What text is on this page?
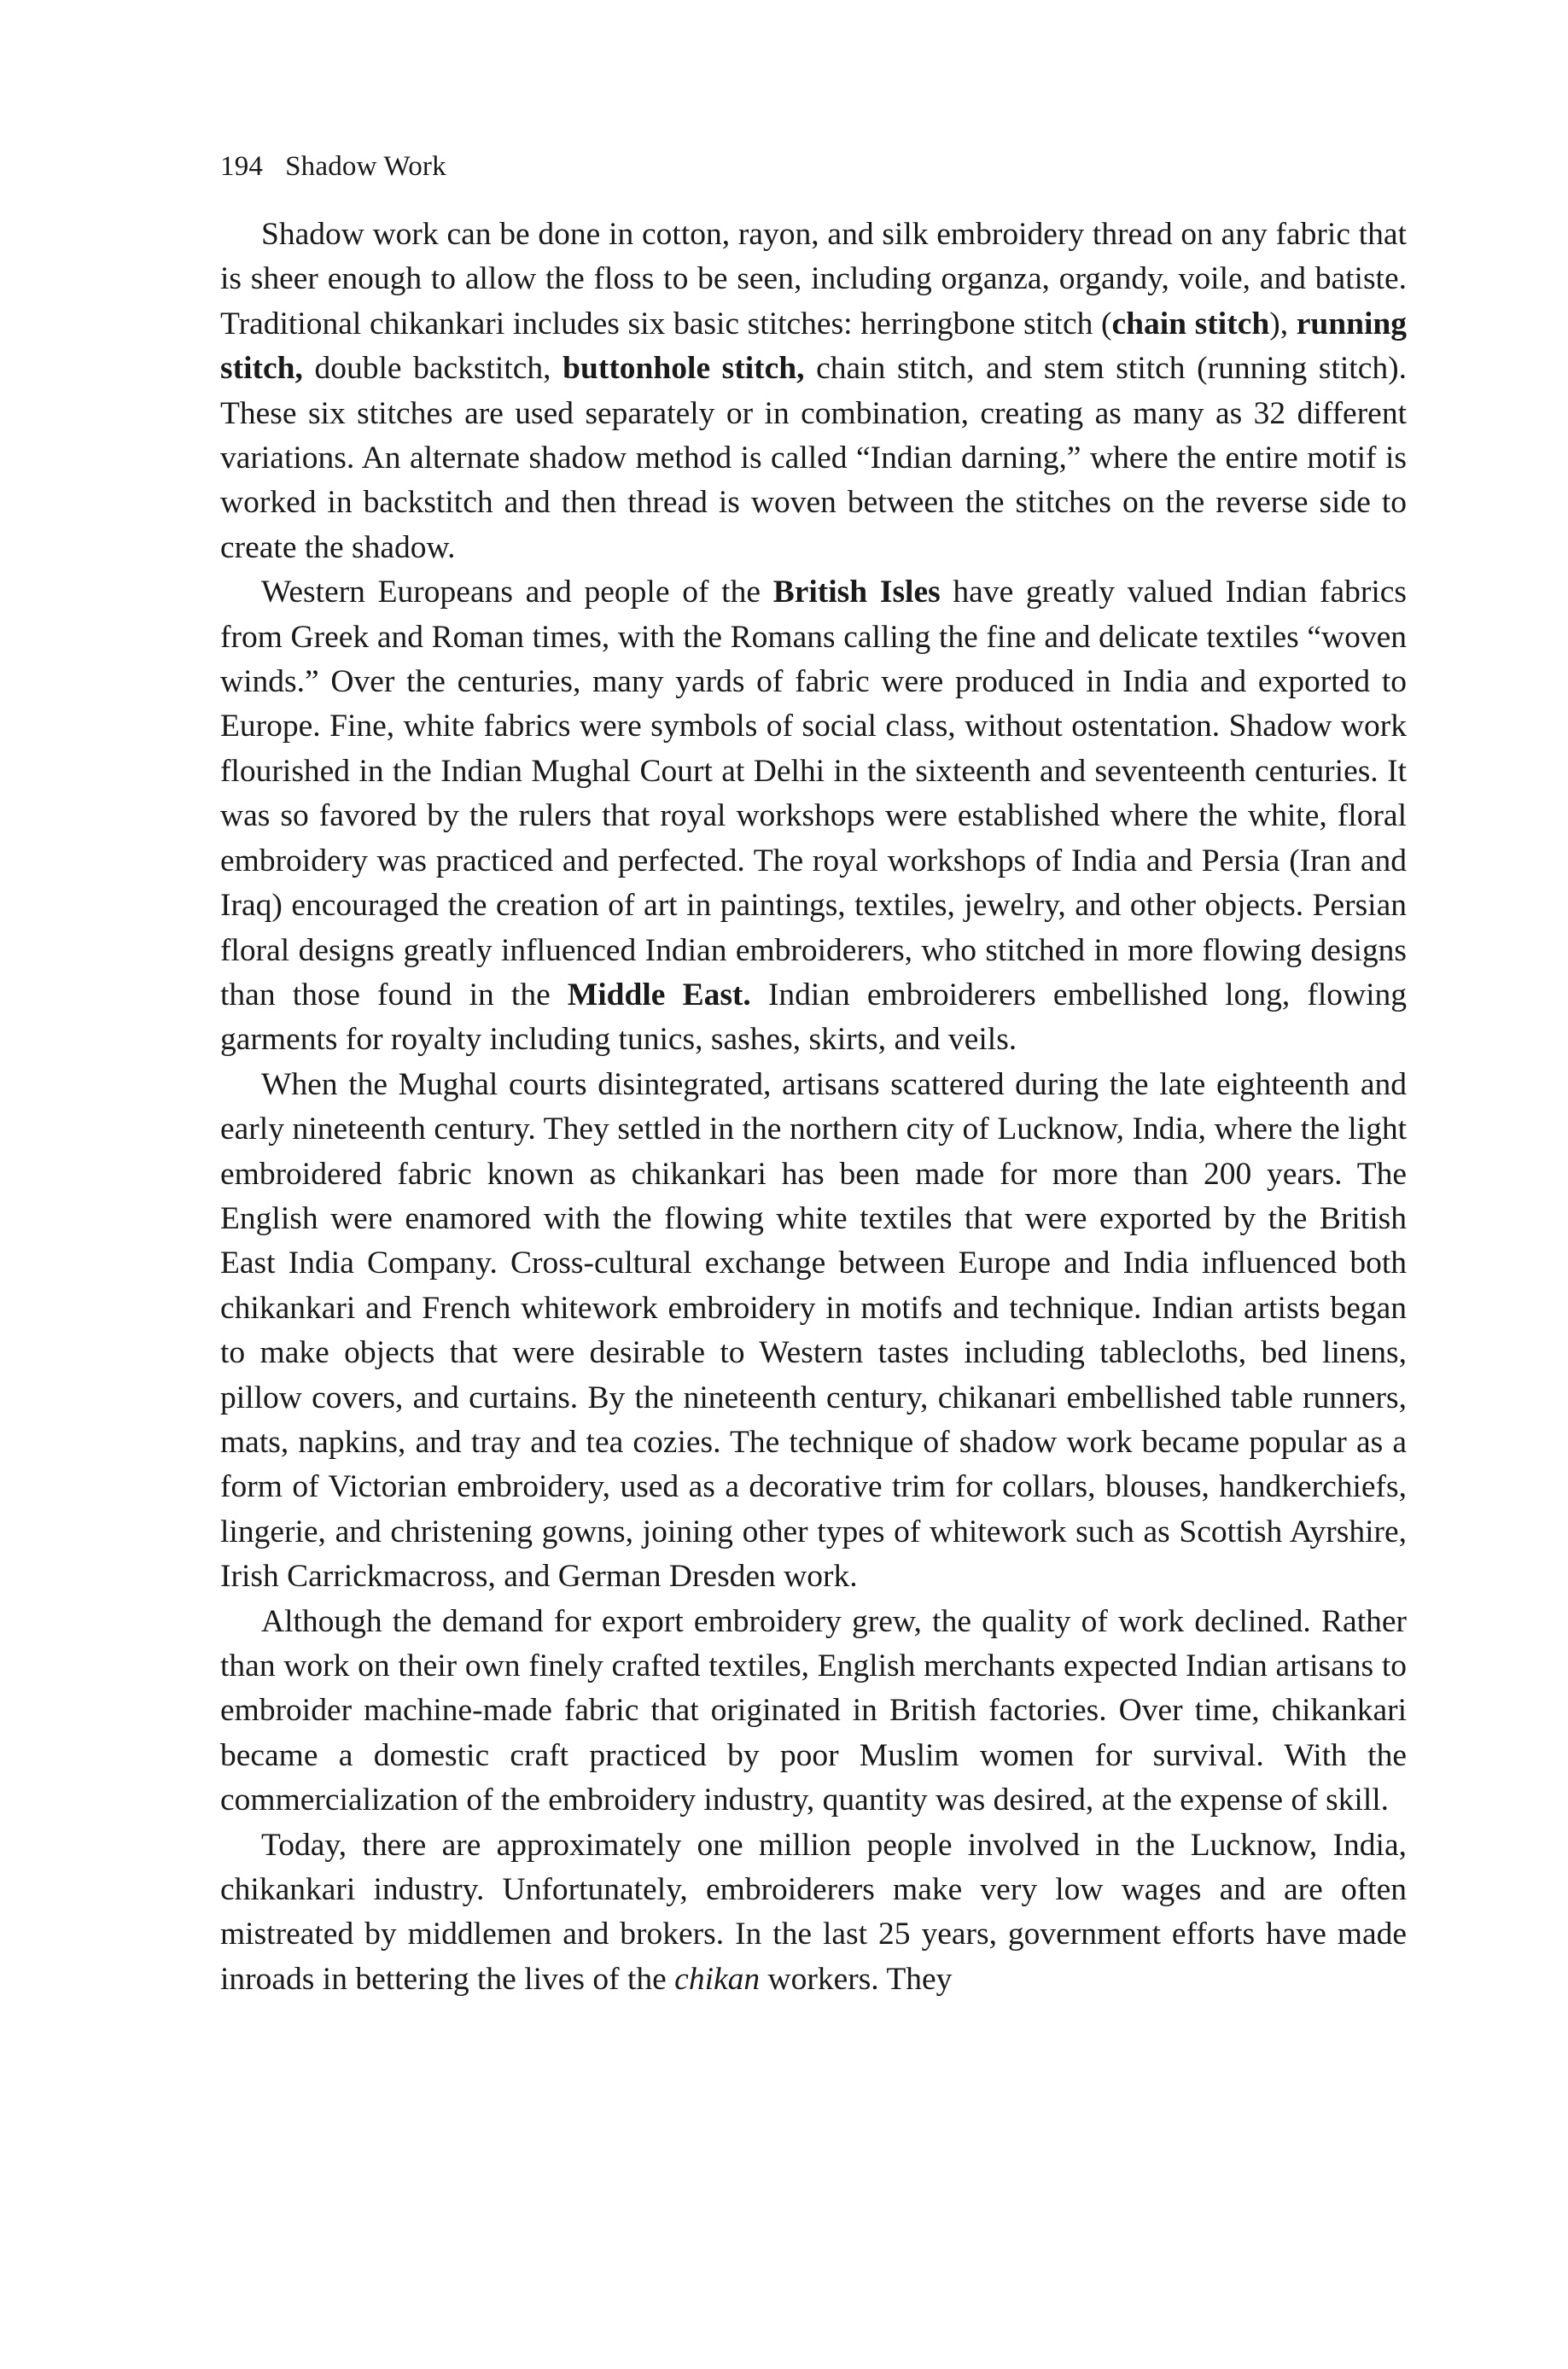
194 Shadow Work

Shadow work can be done in cotton, rayon, and silk embroidery thread on any fabric that is sheer enough to allow the floss to be seen, including organza, organdy, voile, and batiste. Traditional chikankari includes six basic stitches: herringbone stitch (chain stitch), running stitch, double backstitch, buttonhole stitch, chain stitch, and stem stitch (running stitch). These six stitches are used separately or in combination, creating as many as 32 different variations. An alternate shadow method is called “Indian darning,” where the entire motif is worked in backstitch and then thread is woven between the stitches on the reverse side to create the shadow.

Western Europeans and people of the British Isles have greatly valued Indian fabrics from Greek and Roman times, with the Romans calling the fine and delicate textiles “woven winds.” Over the centuries, many yards of fabric were produced in India and exported to Europe. Fine, white fabrics were symbols of social class, without ostentation. Shadow work flourished in the Indian Mughal Court at Delhi in the sixteenth and seventeenth centuries. It was so favored by the rulers that royal workshops were established where the white, floral embroidery was practiced and perfected. The royal workshops of India and Persia (Iran and Iraq) encouraged the creation of art in paintings, textiles, jewelry, and other objects. Persian floral designs greatly influenced Indian embroiderers, who stitched in more flowing designs than those found in the Middle East. Indian embroiderers embellished long, flowing garments for royalty including tunics, sashes, skirts, and veils.

When the Mughal courts disintegrated, artisans scattered during the late eighteenth and early nineteenth century. They settled in the northern city of Lucknow, India, where the light embroidered fabric known as chikankari has been made for more than 200 years. The English were enamored with the flowing white textiles that were exported by the British East India Company. Cross-cultural exchange between Europe and India influenced both chikankari and French whitework embroidery in motifs and technique. Indian artists began to make objects that were desirable to Western tastes including tablecloths, bed linens, pillow covers, and curtains. By the nineteenth century, chikanari embellished table runners, mats, napkins, and tray and tea cozies. The technique of shadow work became popular as a form of Victorian embroidery, used as a decorative trim for collars, blouses, handkerchiefs, lingerie, and christening gowns, joining other types of whitework such as Scottish Ayrshire, Irish Carrickmacross, and German Dresden work.

Although the demand for export embroidery grew, the quality of work declined. Rather than work on their own finely crafted textiles, English merchants expected Indian artisans to embroider machine-made fabric that originated in British factories. Over time, chikankari became a domestic craft practiced by poor Muslim women for survival. With the commercialization of the embroidery industry, quantity was desired, at the expense of skill.

Today, there are approximately one million people involved in the Lucknow, India, chikankari industry. Unfortunately, embroiderers make very low wages and are often mistreated by middlemen and brokers. In the last 25 years, government efforts have made inroads in bettering the lives of the chikan workers. They
